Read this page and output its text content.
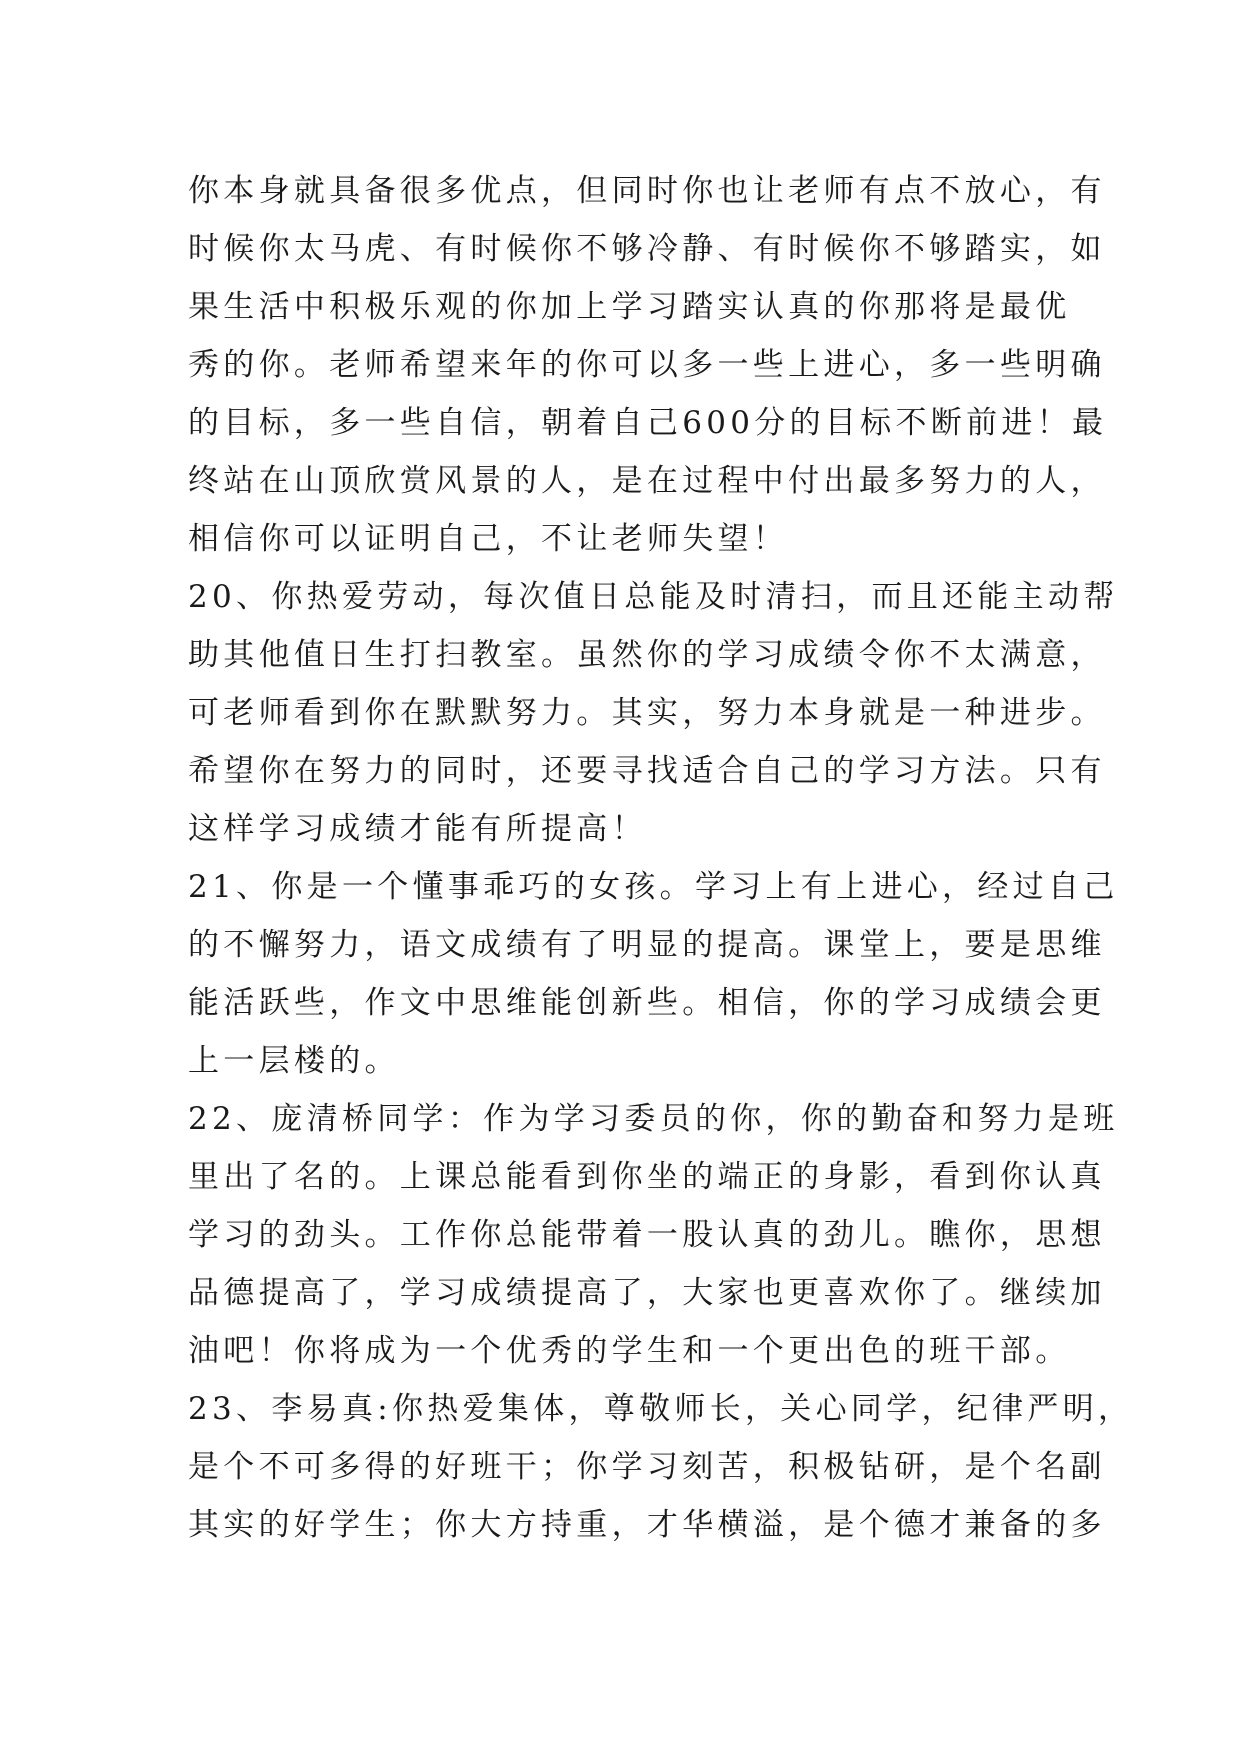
你本身就具备很多优点，但同时你也让老师有点不放心，有
时候你太马虎、有时候你不够冷静、有时候你不够踏实，如
果生活中积极乐观的你加上学习踏实认真的你那将是最优
秀的你。老师希望来年的你可以多一些上进心，多一些明确
的目标，多一些自信，朝着自己600分的目标不断前进！最
终站在山顶欣赏风景的人，是在过程中付出最多努力的人，
相信你可以证明自己，不让老师失望！
20、你热爱劳动，每次值日总能及时清扫，而且还能主动帮
助其他值日生打扫教室。虽然你的学习成绩令你不太满意，
可老师看到你在默默努力。其实，努力本身就是一种进步。
希望你在努力的同时，还要寻找适合自己的学习方法。只有
这样学习成绩才能有所提高！
21、你是一个懂事乖巧的女孩。学习上有上进心，经过自己
的不懈努力，语文成绩有了明显的提高。课堂上，要是思维
能活跃些，作文中思维能创新些。相信，你的学习成绩会更
上一层楼的。
22、庞清桥同学：作为学习委员的你，你的勤奋和努力是班
里出了名的。上课总能看到你坐的端正的身影，看到你认真
学习的劲头。工作你总能带着一股认真的劲儿。瞧你，思想
品德提高了，学习成绩提高了，大家也更喜欢你了。继续加
油吧！你将成为一个优秀的学生和一个更出色的班干部。
23、李易真:你热爱集体，尊敬师长，关心同学，纪律严明，
是个不可多得的好班干；你学习刻苦，积极钻研，是个名副
其实的好学生；你大方持重，才华横溢，是个德才兼备的多
